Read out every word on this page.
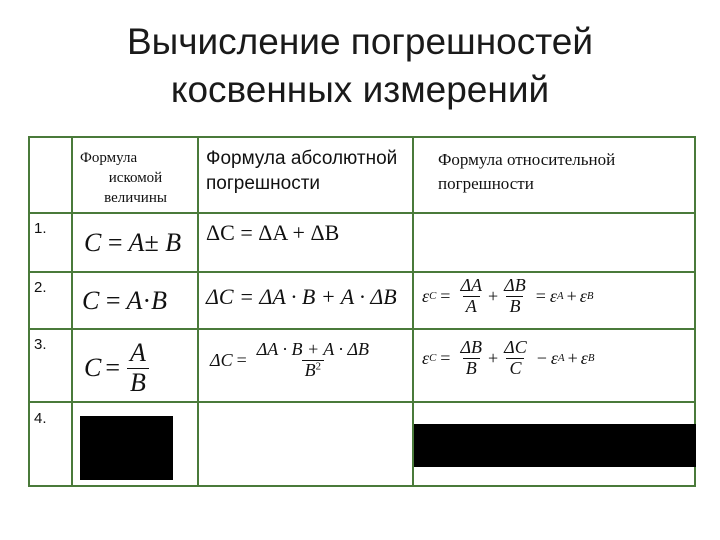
Вычисление погрешностей
косвенных измерений
Формула
искомой
величины
Формула абсолютной
погрешности
Формула относительной
погрешности
1.
2.
3.
4.
C = A± B ΔC = ΔA + ΔB
C = A·B ΔC = ΔA · B + A · ΔB ε $C = \frac{\Delta A}{A} + \frac{\Delta B}{B} = \varepsilon$ A + ε B
$C = \frac{A}{B}$	$\Delta C = \frac{\Delta A \cdot B + A \cdot \Delta B}{B^2}$	ε $C = \frac{\Delta B}{B} + \frac{\Delta C}{C} - \varepsilon$ A + ε B
